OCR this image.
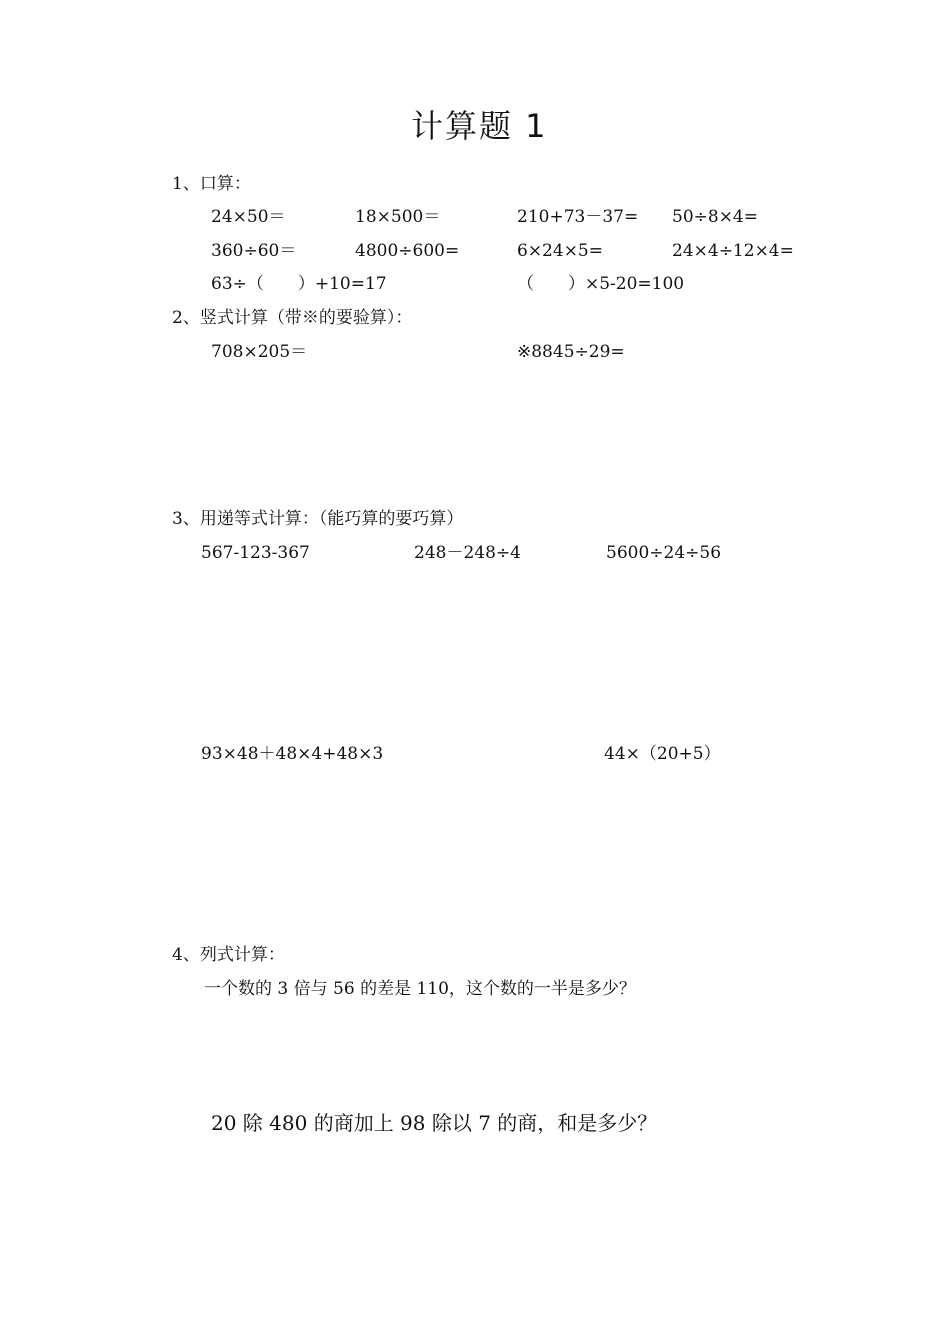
计算题 1
1、口算：
24×50＝	18×500＝	210+73－37= 50÷8×4=
360÷60＝	4800÷600=	6×24×5=	24×4÷12×4=
63÷（　　）+10=17	（　　）×5-20=100
2、竖式计算（带※的要验算）：
708×205＝	※8845÷29=
3、用递等式计算：（能巧算的要巧算）
567-123-367	248－248÷4	5600÷24÷56
93×48＋48×4+48×3	44×（20+5）
4、列式计算：
一个数的 3 倍与 56 的差是 110，这个数的一半是多少？
20 除 480 的商加上 98 除以 7 的商，和是多少？
